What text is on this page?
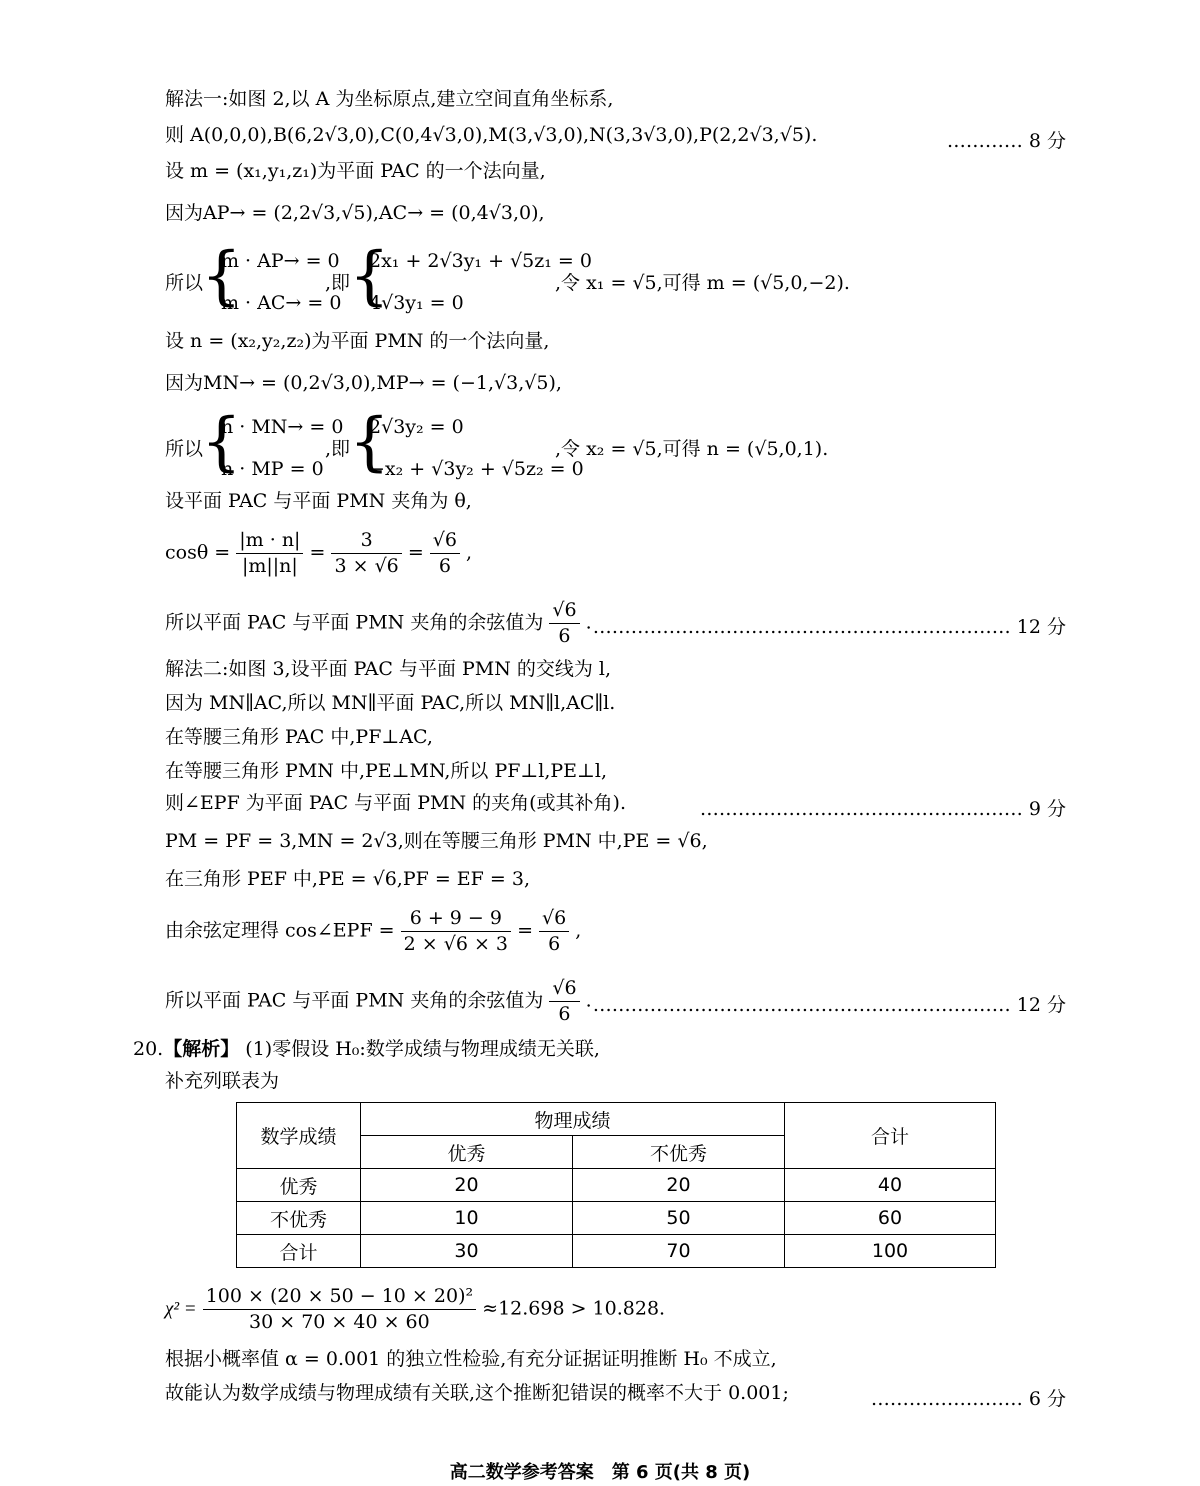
解法一:如图 2,以 A 为坐标原点,建立空间直角坐标系,
则 A(0,0,0),B(6,2√3,0),C(0,4√3,0),M(3,√3,0),N(3,3√3,0),P(2,2√3,√5).	………… 8 分
设 m = (x₁,y₁,z₁)为平面 PAC 的一个法向量,
因为AP→ = (2,2√3,√5),AC→ = (0,4√3,0),
所以
{
m · AP→ = 0
m · AC→ = 0
,即
{
2x₁ + 2√3y₁ + √5z₁ = 0
4√3y₁ = 0
,令 x₁ = √5,可得 m = (√5,0,−2).
设 n = (x₂,y₂,z₂)为平面 PMN 的一个法向量,
因为MN→ = (0,2√3,0),MP→ = (−1,√3,√5),
所以
{
n · MN→ = 0
n · MP = 0
,即
{
2√3y₂ = 0
−x₂ + √3y₂ + √5z₂ = 0
,令 x₂ = √5,可得 n = (√5,0,1).
设平面 PAC 与平面 PMN 夹角为 θ,
$\cos\theta = \frac{|m \cdot n|}{|m||n|} = \frac{3}{3 \times √6} = \frac{√6}{6}$ ,
所以平面 PAC 与平面 PMN 夹角的余弦值为 $\frac{√6}{6}$ . ………………………………………………………… 12 分
解法二:如图 3,设平面 PAC 与平面 PMN 的交线为 l,
因为 MN∥AC,所以 MN∥平面 PAC,所以 MN∥l,AC∥l.
在等腰三角形 PAC 中,PF⊥AC,
在等腰三角形 PMN 中,PE⊥MN,所以 PF⊥l,PE⊥l,
则∠EPF 为平面 PAC 与平面 PMN 的夹角(或其补角).	…………………………………………… 9 分
PM = PF = 3,MN = 2√3,则在等腰三角形 PMN 中,PE = √6,
在三角形 PEF 中,PE = √6,PF = EF = 3,
由余弦定理得 cos∠EPF = $\frac{6 + 9 - 9}{2 \times √6 \times 3} = \frac{√6}{6}$ ,
所以平面 PAC 与平面 PMN 夹角的余弦值为 $\frac{√6}{6}$ . ………………………………………………………… 12 分
20.【解析】 (1)零假设 H₀:数学成绩与物理成绩无关联,
补充列联表为
数学成绩	物理成绩		合计
	优秀	不优秀	
优秀	20	20	40
不优秀	10	50	60
合计	30	70	100
$\chi^2 = \frac{\text{100 × (20 × 50 − 10 × 20)²}}{30 \times 70 \times 40 \times 60} \approx 12.698 > 10.828$.
根据小概率值 α = 0.001 的独立性检验,有充分证据证明推断 H₀ 不成立,
故能认为数学成绩与物理成绩有关联,这个推断犯错误的概率不大于 0.001;	…………………… 6 分
高二数学参考答案　第 6 页(共 8 页)
